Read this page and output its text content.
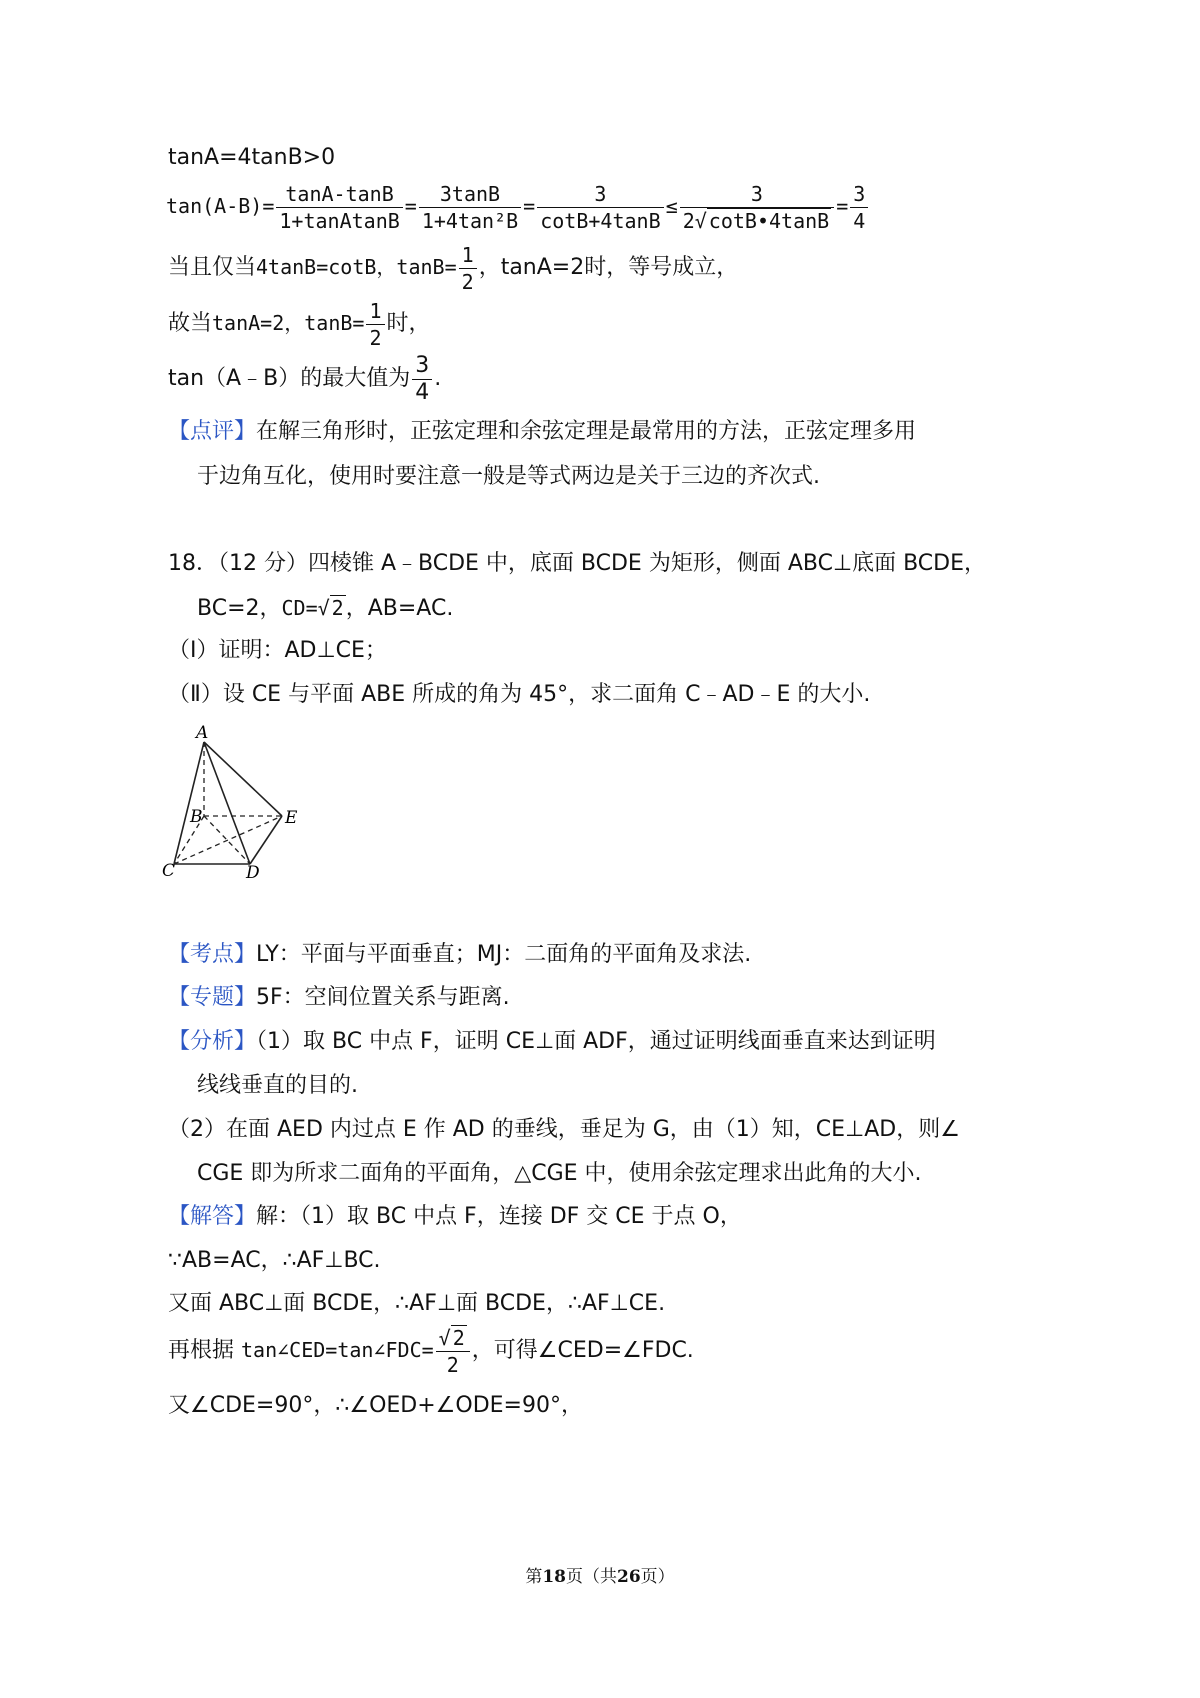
tanA=4tanB>0
$\tan(A-B)= \frac{\tan A-\tan B}{\text{1+tanAtanB}} = \frac{3\tan B}{\text{1+4tan²B}} = \frac{3}{\cot B+4\tan B} \le \frac{3}{2√ \cot B•4\tan B} = \frac{3}{4}$
当且仅当4tanB=cotB，$\tan B= \frac{1}{2}$ ，tanA=2时，等号成立，
故当tanA=2，$\tan B= \frac{1}{2}$ 时，
tan（A﹣B）的最大值为 $\frac{3}{4}$ .
【点评】在解三角形时，正弦定理和余弦定理是最常用的方法，正弦定理多用
于边角互化，使用时要注意一般是等式两边是关于三边的齐次式.
18．（12 分）四棱锥 A﹣BCDE 中，底面 BCDE 为矩形，侧面 ABC⊥底面 BCDE，
BC=2，CD=√ 2，AB=AC.
（Ⅰ）证明：AD⊥CE；
（Ⅱ）设 CE 与平面 ABE 所成的角为 45°，求二面角 C﹣AD﹣E 的大小.
A
B	E
C	D
【考点】LY：平面与平面垂直；MJ：二面角的平面角及求法.
【专题】5F：空间位置关系与距离.
【分析】（1）取 BC 中点 F，证明 CE⊥面 ADF，通过证明线面垂直来达到证明
线线垂直的目的.
（2）在面 AED 内过点 E 作 AD 的垂线，垂足为 G，由（1）知，CE⊥AD，则∠
CGE 即为所求二面角的平面角，△CGE 中，使用余弦定理求出此角的大小.
【解答】解：（1）取 BC 中点 F，连接 DF 交 CE 于点 O，
∵AB=AC，∴AF⊥BC.
又面 ABC⊥面 BCDE，∴AF⊥面 BCDE，∴AF⊥CE.
再根据 tan∠CED=tan∠FDC= $\frac{√ 2}{2}$ ，可得∠CED=∠FDC.
又∠CDE=90°，∴∠OED+∠ODE=90°，
第18页（共26页）
